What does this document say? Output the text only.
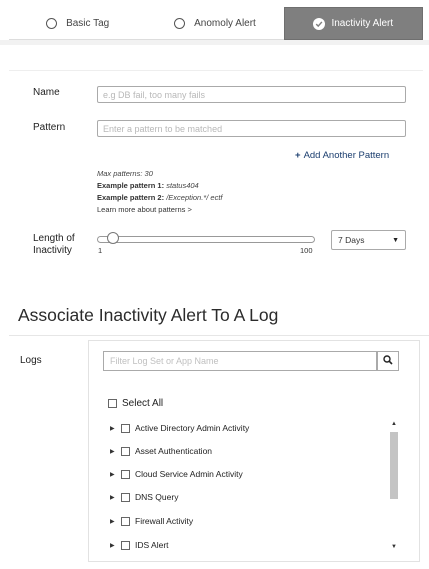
Basic Tag	Anomoly Alert	Inactivity Alert
Name	e.g DB fail, too many fails
Pattern	Enter a pattern to be matched
+ Add Another Pattern
Max patterns: 30
Example pattern 1: status404
Example pattern 2: /Exception.*/ ectf
Learn more about patterns >
Length of
Inactivity	1	100
7 Days	▼
Associate Inactivity Alert To A Log
Logs	Filter Log Set or App Name
Select All
▶ Active Directory Admin Activity
▶ Asset Authentication
▶ Cloud Service Admin Activity
▶ DNS Query
▶ Firewall Activity
▶ IDS Alert
▲
▼
